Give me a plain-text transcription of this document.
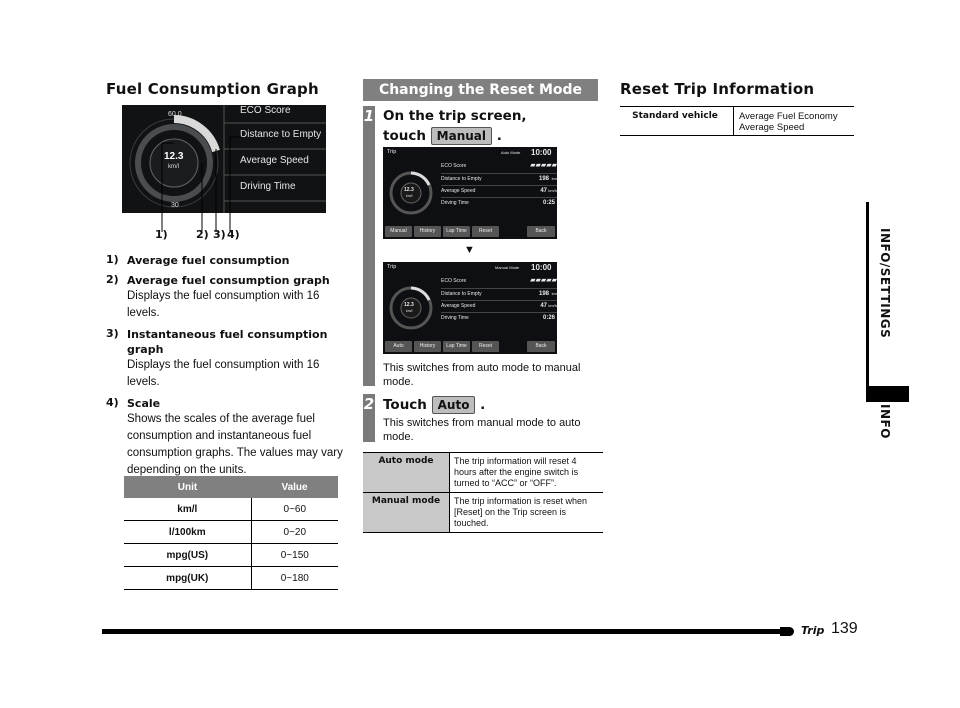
Fuel Consumption Graph
60 0
30
12.3
km/l
ECO Score
Distance to Empty
Average Speed
Driving Time
1)	2) 3) 4)
1) Average fuel consumption
2) Average fuel consumption graph
Displays the fuel consumption with 16 levels.
3) Instantaneous fuel consumption graph
Displays the fuel consumption with 16 levels.
4) Scale
Shows the scales of the average fuel consumption and instantaneous fuel consumption graphs. The values may vary depending on the units.
Unit	Value
km/l	0~60
l/100km	0~20
mpg(US)	0~150
mpg(UK)	0~180
Changing the Reset Mode
1 On the trip screen,
touch Manual .
Trip	Auto Mode 10:00
12.3
km/l
ECO Score	▰▰▰▰▰
Distance to Empty	198 km
Average Speed	47 km/h
Driving Time	0:25
Manual	History	Lap Time	Reset	Back
▼
Trip	Manual Mode 10:00
12.3
km/l
ECO Score	▰▰▰▰▰
Distance to Empty	198 km
Average Speed	47 km/h
Driving Time	0:26
Auto	History	Lap Time	Reset	Back
This switches from auto mode to manual mode.
2 Touch Auto .
This switches from manual mode to auto mode.
Auto mode	The trip information will reset 4 hours after the engine switch is turned to “ACC” or “OFF”.
Manual mode	The trip information is reset when [Reset] on the Trip screen is touched.
Reset Trip Information
Standard vehicle	Average Fuel Economy
Average Speed
INFO/SETTINGS
INFO
Trip 139
